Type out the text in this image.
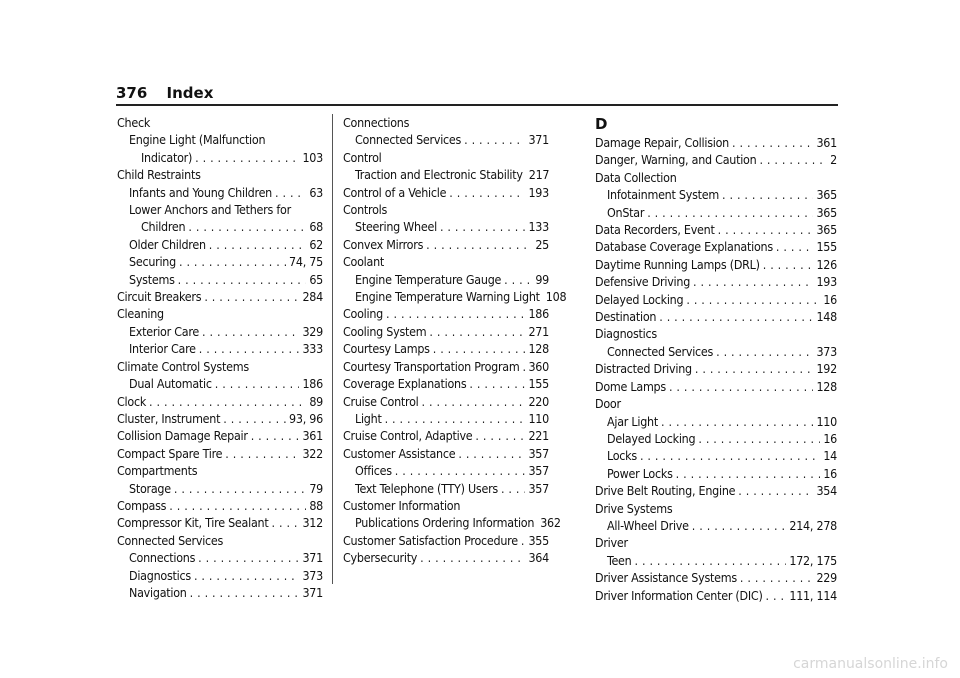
376 Index
Check
Engine Light (Malfunction
Indicator) . . .	103
Child Restraints
Infants and Young Children . . .	63
Lower Anchors and Tethers for
Children . . .	68
Older Children . . .	62
Securing . . .	74, 75
Systems . . .	65
Circuit Breakers . . .	284
Cleaning
Exterior Care . . .	329
Interior Care . . .	333
Climate Control Systems
Dual Automatic . . .	186
Clock . . .	89
Cluster, Instrument . . .	93, 96
Collision Damage Repair . . .	361
Compact Spare Tire . . .	322
Compartments
Storage . . .	79
Compass . . .	88
Compressor Kit, Tire Sealant . . .	312
Connected Services
Connections . . .	371
Diagnostics . . .	373
Navigation . . .	371
Connections
Connected Services . . .	371
Control
Traction and Electronic Stability 217
Control of a Vehicle . . .	193
Controls
Steering Wheel . . .	133
Convex Mirrors . . .	25
Coolant
Engine Temperature Gauge . . .	99
Engine Temperature Warning Light 108
Cooling . . .	186
Cooling System . . .	271
Courtesy Lamps . . .	128
Courtesy Transportation Program . . . 360
Coverage Explanations . . .	155
Cruise Control . . .	220
Light . . .	110
Cruise Control, Adaptive . . .	221
Customer Assistance . . .	357
Offices . . .	357
Text Telephone (TTY) Users . . . 357
Customer Information
Publications Ordering Information 362
Customer Satisfaction Procedure . . . 355
Cybersecurity . . .	364
D
Damage Repair, Collision . . .	361
Danger, Warning, and Caution . . .	2
Data Collection
Infotainment System . . .	365
OnStar . . .	365
Data Recorders, Event . . .	365
Database Coverage Explanations . . .	155
Daytime Running Lamps (DRL) . . .	126
Defensive Driving . . .	193
Delayed Locking . . .	16
Destination . . .	148
Diagnostics
Connected Services . . .	373
Distracted Driving . . .	192
Dome Lamps . . .	128
Door
Ajar Light . . .	110
Delayed Locking . . .	16
Locks . . .	14
Power Locks . . .	16
Drive Belt Routing, Engine . . .	354
Drive Systems
All-Wheel Drive . . .	214, 278
Driver
Teen . . .	172, 175
Driver Assistance Systems . . .	229
Driver Information Center (DIC) . . . 111, 114
carmanualsonline.info
